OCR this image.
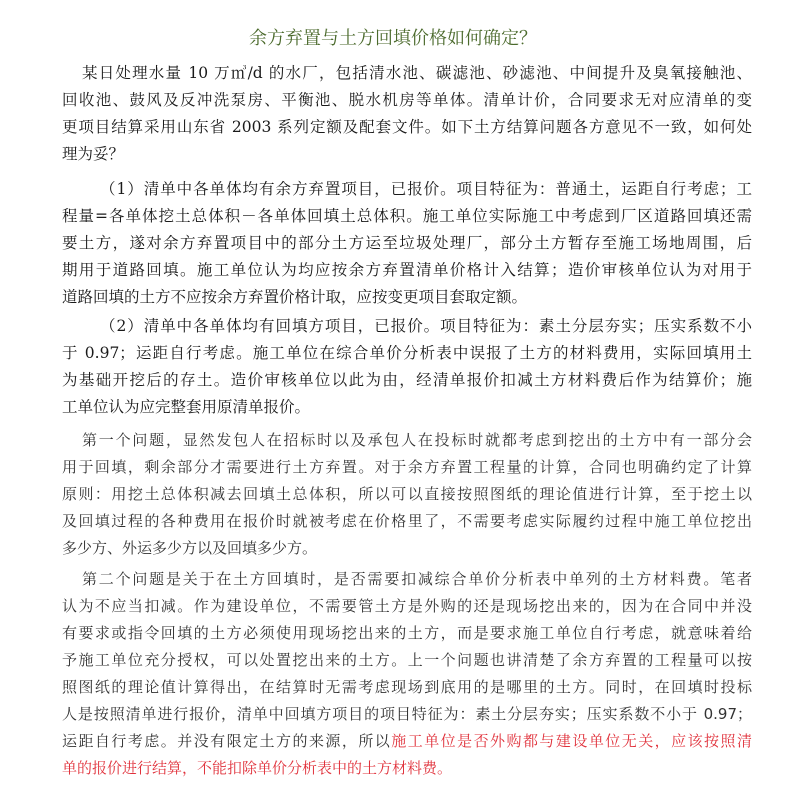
余方弃置与土方回填价格如何确定？
某日处理水量 10 万㎥/d 的水厂，包括清水池、碳滤池、砂滤池、中间提升及臭氧接触池、
回收池、鼓风及反冲洗泵房、平衡池、脱水机房等单体。清单计价，合同要求无对应清单的变
更项目结算采用山东省 2003 系列定额及配套文件。如下土方结算问题各方意见不一致，如何处
理为妥？
（1）清单中各单体均有余方弃置项目，已报价。项目特征为：普通土，运距自行考虑；工
程量=各单体挖土总体积－各单体回填土总体积。施工单位实际施工中考虑到厂区道路回填还需
要土方，遂对余方弃置项目中的部分土方运至垃圾处理厂，部分土方暂存至施工场地周围，后
期用于道路回填。施工单位认为均应按余方弃置清单价格计入结算；造价审核单位认为对用于
道路回填的土方不应按余方弃置价格计取，应按变更项目套取定额。
（2）清单中各单体均有回填方项目，已报价。项目特征为：素土分层夯实；压实系数不小
于 0.97；运距自行考虑。施工单位在综合单价分析表中误报了土方的材料费用，实际回填用土
为基础开挖后的存土。造价审核单位以此为由，经清单报价扣减土方材料费后作为结算价；施
工单位认为应完整套用原清单报价。
第一个问题，显然发包人在招标时以及承包人在投标时就都考虑到挖出的土方中有一部分会
用于回填，剩余部分才需要进行土方弃置。对于余方弃置工程量的计算，合同也明确约定了计算
原则：用挖土总体积减去回填土总体积，所以可以直接按照图纸的理论值进行计算，至于挖土以
及回填过程的各种费用在报价时就被考虑在价格里了，不需要考虑实际履约过程中施工单位挖出
多少方、外运多少方以及回填多少方。
第二个问题是关于在土方回填时，是否需要扣减综合单价分析表中单列的土方材料费。笔者
认为不应当扣减。作为建设单位，不需要管土方是外购的还是现场挖出来的，因为在合同中并没
有要求或指令回填的土方必须使用现场挖出来的土方，而是要求施工单位自行考虑，就意味着给
予施工单位充分授权，可以处置挖出来的土方。上一个问题也讲清楚了余方弃置的工程量可以按
照图纸的理论值计算得出，在结算时无需考虑现场到底用的是哪里的土方。同时，在回填时投标
人是按照清单进行报价，清单中回填方项目的项目特征为：素土分层夯实；压实系数不小于 0.97；
运距自行考虑。并没有限定土方的来源，所以施工单位是否外购都与建设单位无关，应该按照清
单的报价进行结算，不能扣除单价分析表中的土方材料费。
